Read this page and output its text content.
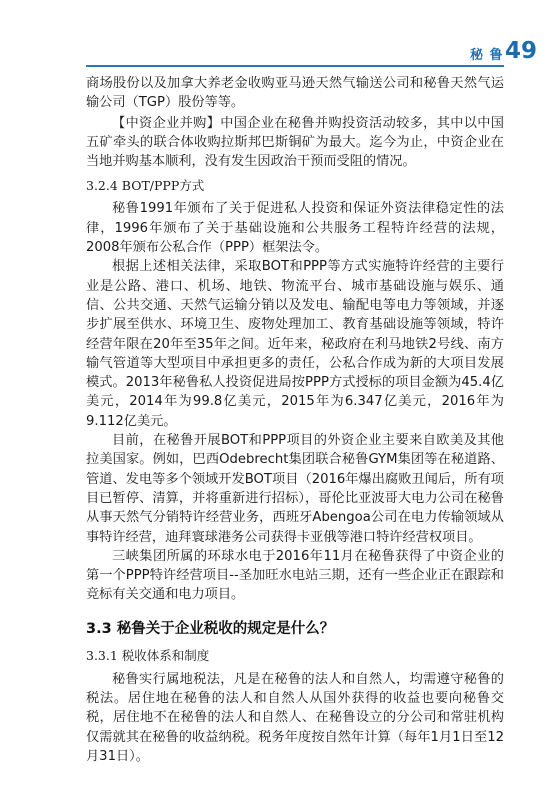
秘 鲁 49

商场股份以及加拿大养老金收购亚马逊天然气输送公司和秘鲁天然气运输公司（TGP）股份等等。

【中资企业并购】中国企业在秘鲁并购投资活动较多，其中以中国五矿牵头的联合体收购拉斯邦巴斯铜矿为最大。迄今为止，中资企业在当地并购基本顺利，没有发生因政治干预而受阻的情况。

3.2.4 BOT/PPP方式

秘鲁1991年颁布了关于促进私人投资和保证外资法律稳定性的法律，1996年颁布了关于基础设施和公共服务工程特许经营的法规，2008年颁布公私合作（PPP）框架法令。

根据上述相关法律，采取BOT和PPP等方式实施特许经营的主要行业是公路、港口、机场、地铁、物流平台、城市基础设施与娱乐、通信、公共交通、天然气运输分销以及发电、输配电等电力等领域，并逐步扩展至供水、环境卫生、废物处理加工、教育基础设施等领域，特许经营年限在20年至35年之间。近年来，秘政府在利马地铁2号线、南方输气管道等大型项目中承担更多的责任，公私合作成为新的大项目发展模式。2013年秘鲁私人投资促进局按PPP方式授标的项目金额为45.4亿美元，2014年为99.8亿美元，2015年为6.347亿美元，2016年为9.112亿美元。

目前，在秘鲁开展BOT和PPP项目的外资企业主要来自欧美及其他拉美国家。例如，巴西Odebrecht集团联合秘鲁GYM集团等在秘道路、管道、发电等多个领域开发BOT项目（2016年爆出腐败丑闻后，所有项目已暂停、清算，并将重新进行招标），哥伦比亚波哥大电力公司在秘鲁从事天然气分销特许经营业务，西班牙Abengoa公司在电力传输领域从事特许经营，迪拜寰球港务公司获得卡亚俄等港口特许经营权项目。

三峡集团所属的环球水电于2016年11月在秘鲁获得了中资企业的第一个PPP特许经营项目--圣加旺水电站三期，还有一些企业正在跟踪和竞标有关交通和电力项目。

3.3 秘鲁关于企业税收的规定是什么？
3.3.1 税收体系和制度

秘鲁实行属地税法，凡是在秘鲁的法人和自然人，均需遵守秘鲁的税法。居住地在秘鲁的法人和自然人从国外获得的收益也要向秘鲁交税，居住地不在秘鲁的法人和自然人、在秘鲁设立的分公司和常驻机构仅需就其在秘鲁的收益纳税。税务年度按自然年计算（每年1月1日至12月31日）。
